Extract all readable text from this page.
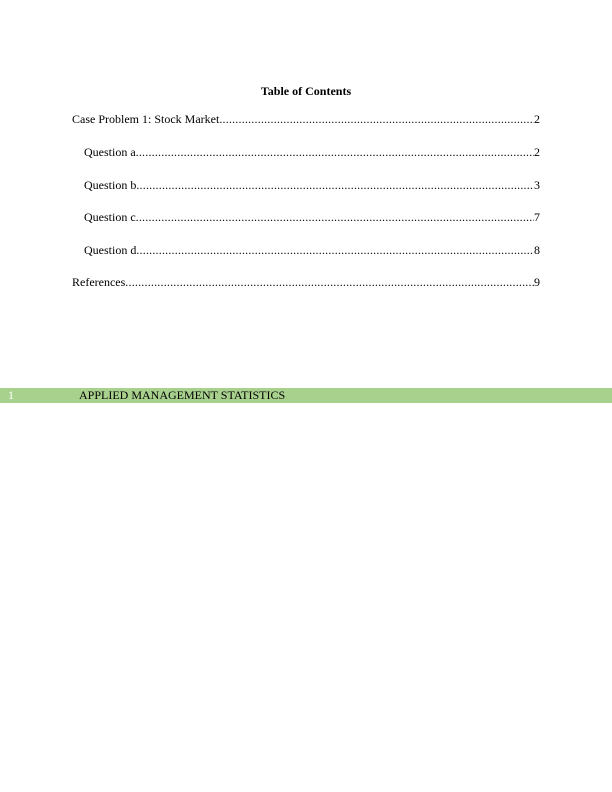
Table of Contents
Case Problem 1: Stock Market .....	2
Question a .....	2
Question b .....	3
Question c .....	7
Question d .....	8
References .....	9
1	APPLIED MANAGEMENT STATISTICS
